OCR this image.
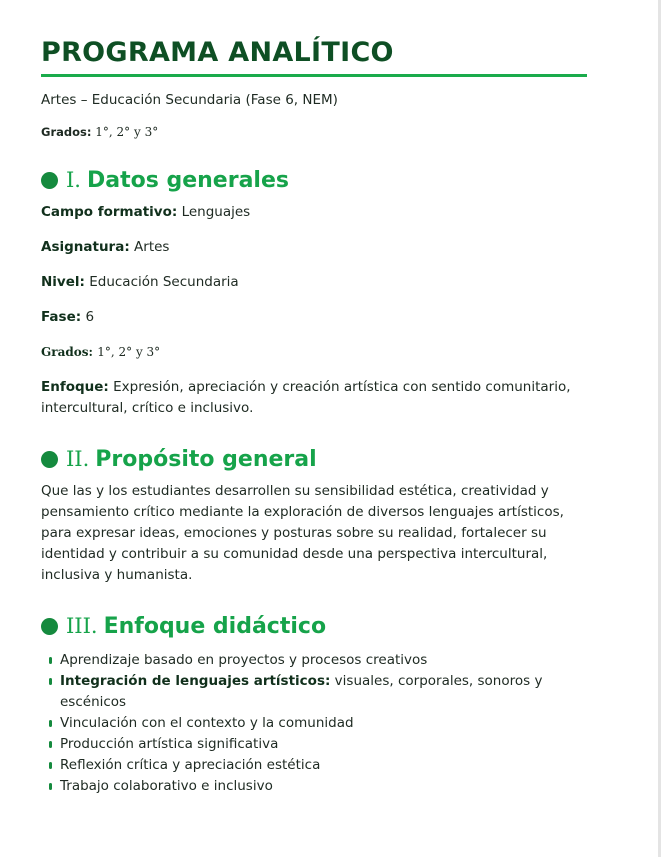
PROGRAMA ANALÍTICO
Artes – Educación Secundaria (Fase 6, NEM)
Grados: 1°, 2° y 3°
I. Datos generales
Campo formativo: Lenguajes
Asignatura: Artes
Nivel: Educación Secundaria
Fase: 6
Grados: 1°, 2° y 3°
Enfoque: Expresión, apreciación y creación artística con sentido comunitario, intercultural, crítico e inclusivo.
II. Propósito general
Que las y los estudiantes desarrollen su sensibilidad estética, creatividad y pensamiento crítico mediante la exploración de diversos lenguajes artísticos, para expresar ideas, emociones y posturas sobre su realidad, fortalecer su identidad y contribuir a su comunidad desde una perspectiva intercultural, inclusiva y humanista.
III. Enfoque didáctico
Aprendizaje basado en proyectos y procesos creativos
Integración de lenguajes artísticos: visuales, corporales, sonoros y escénicos
Vinculación con el contexto y la comunidad
Producción artística significativa
Reflexión crítica y apreciación estética
Trabajo colaborativo e inclusivo
